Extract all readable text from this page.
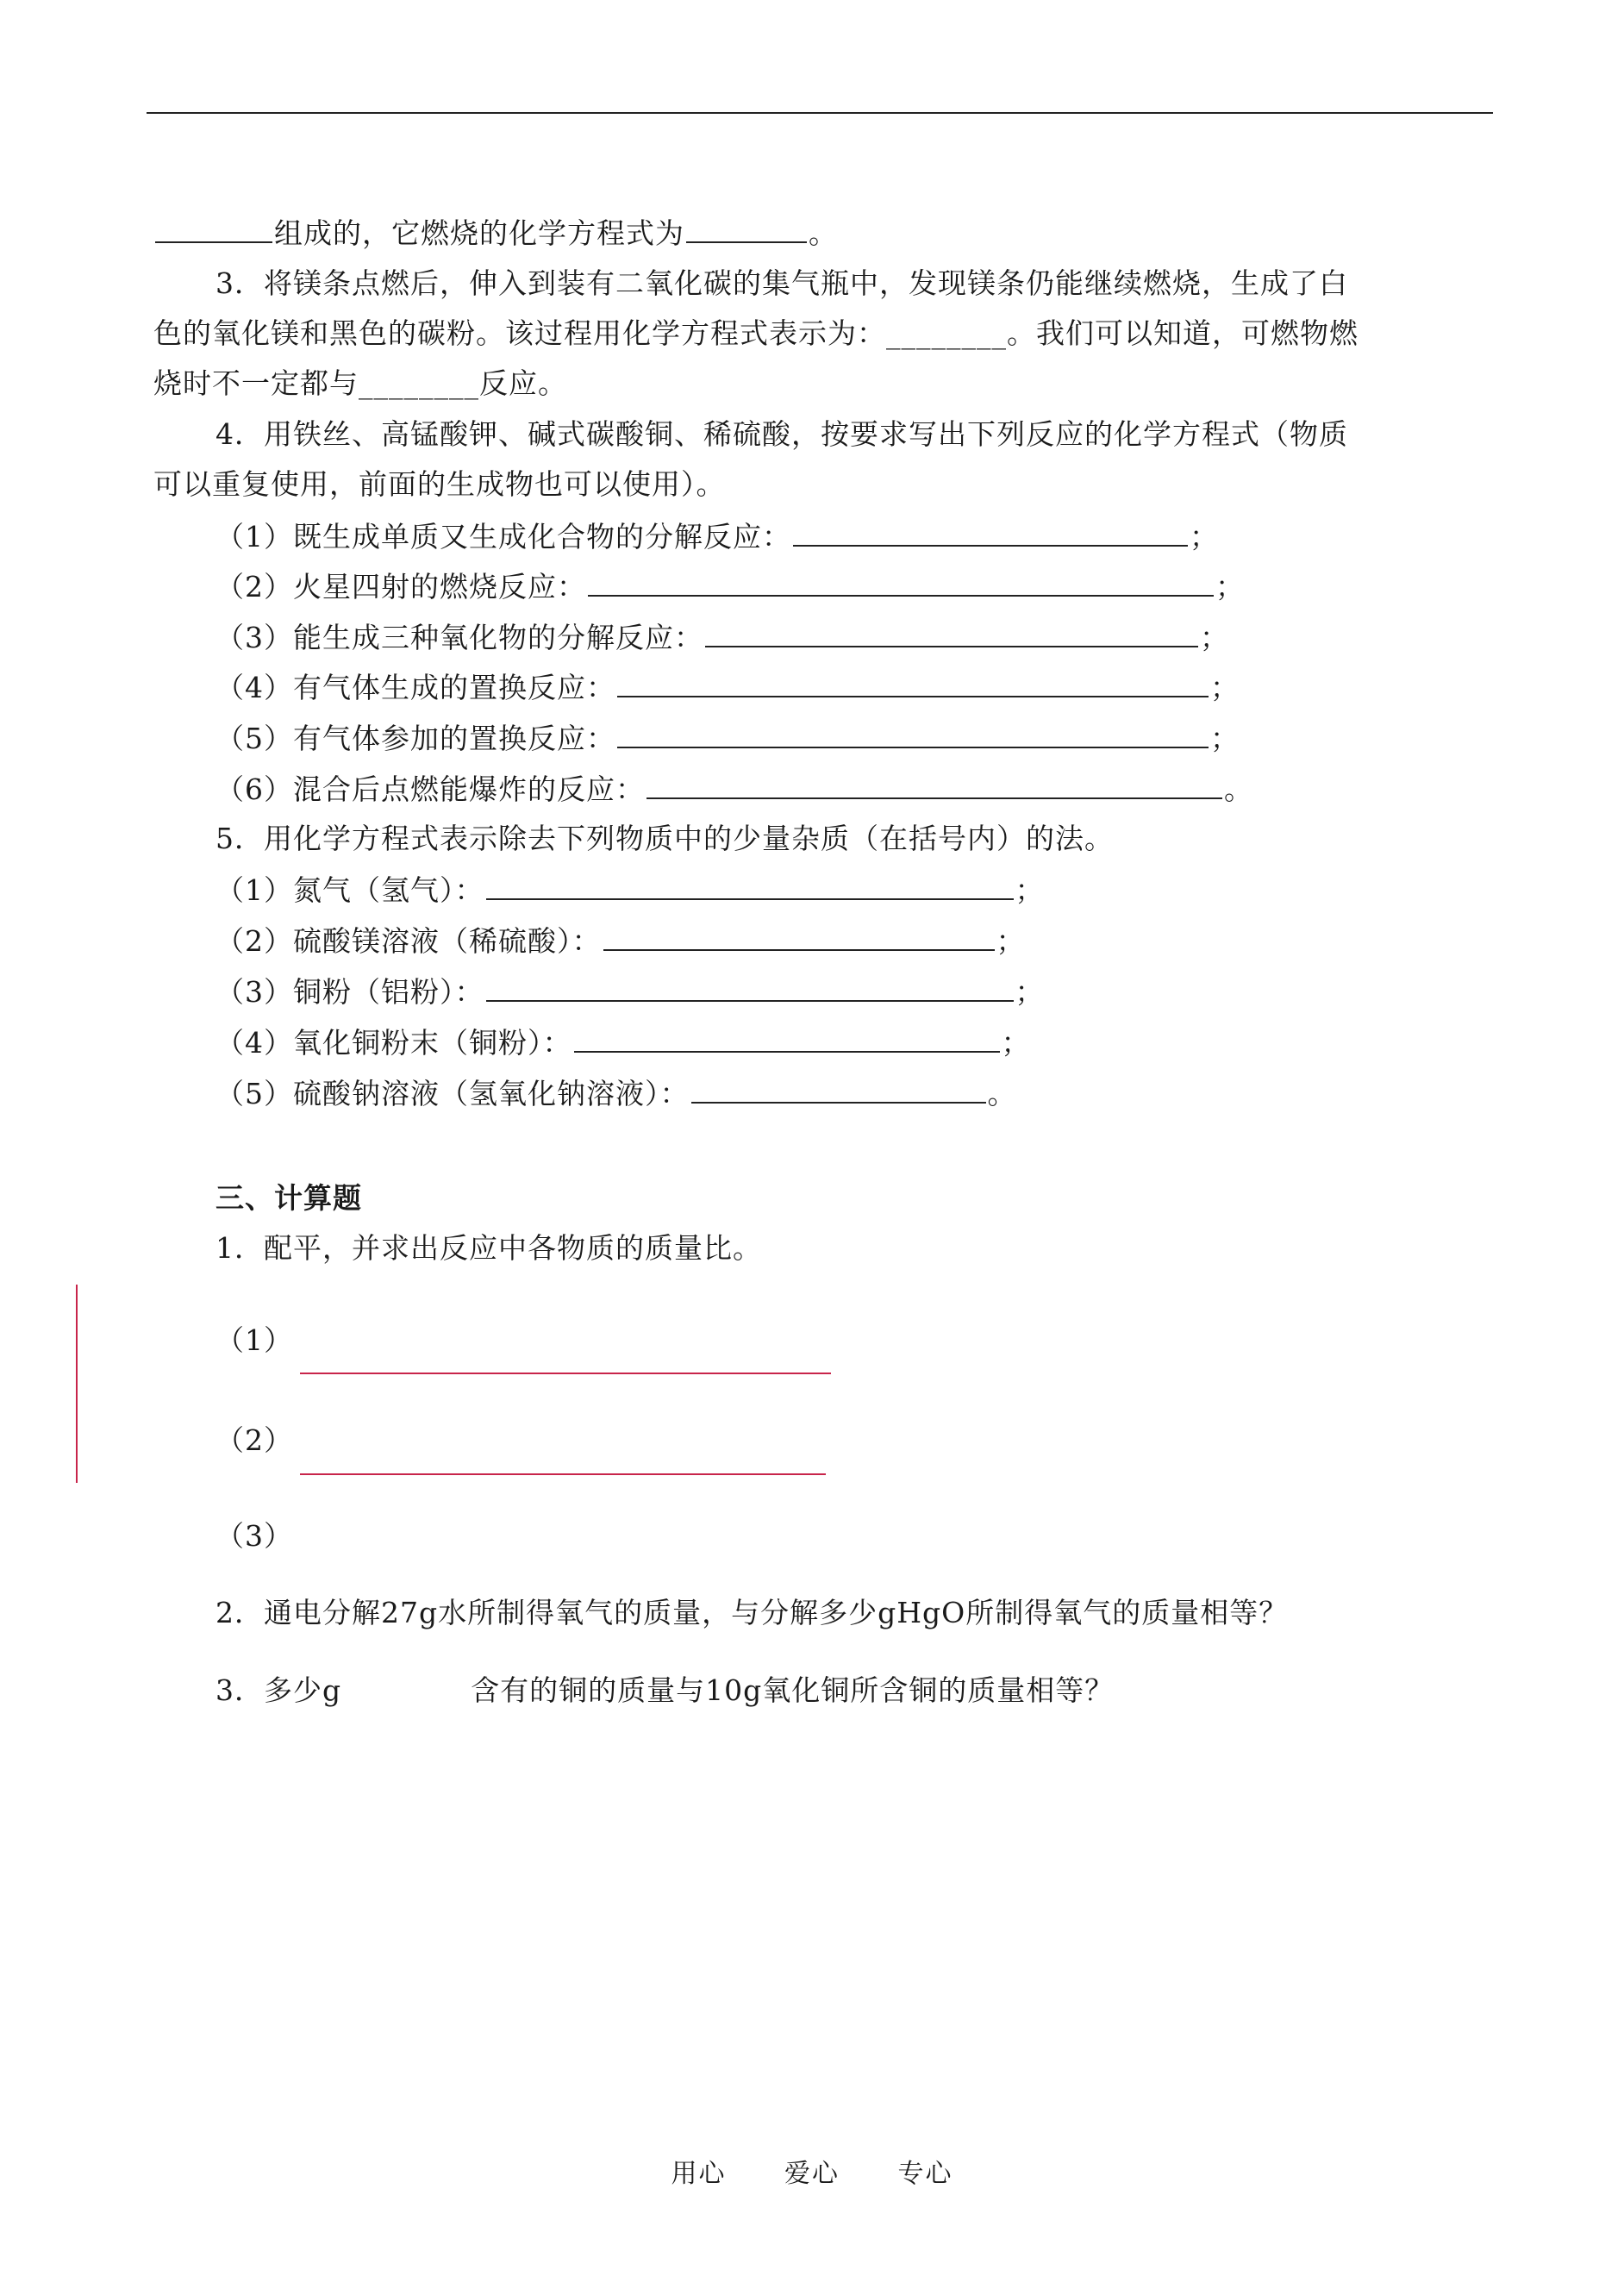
组成的，它燃烧的化学方程式为	。
3．将镁条点燃后，伸入到装有二氧化碳的集气瓶中，发现镁条仍能继续燃烧，生成了白
色的氧化镁和黑色的碳粉。该过程用化学方程式表示为：________。我们可以知道，可燃物燃
烧时不一定都与________反应。
4．用铁丝、高锰酸钾、碱式碳酸铜、稀硫酸，按要求写出下列反应的化学方程式（物质
可以重复使用，前面的生成物也可以使用）。
（1）既生成单质又生成化合物的分解反应：	；
（2）火星四射的燃烧反应：	；
（3）能生成三种氧化物的分解反应：	；
（4）有气体生成的置换反应：	；
（5）有气体参加的置换反应：	；
（6）混合后点燃能爆炸的反应：	。
5．用化学方程式表示除去下列物质中的少量杂质（在括号内）的法。
（1）氮气（氢气）：	；
（2）硫酸镁溶液（稀硫酸）：	；
（3）铜粉（铝粉）：	；
（4）氧化铜粉末（铜粉）：	；
（5）硫酸钠溶液（氢氧化钠溶液）：	。
三、计算题
1．配平，并求出反应中各物质的质量比。
（1）
（2）
（3）
2．通电分解27g水所制得氧气的质量，与分解多少gHgO所制得氧气的质量相等？
3．多少g	含有的铜的质量与10g氧化铜所含铜的质量相等？
用心 爱心 专心
